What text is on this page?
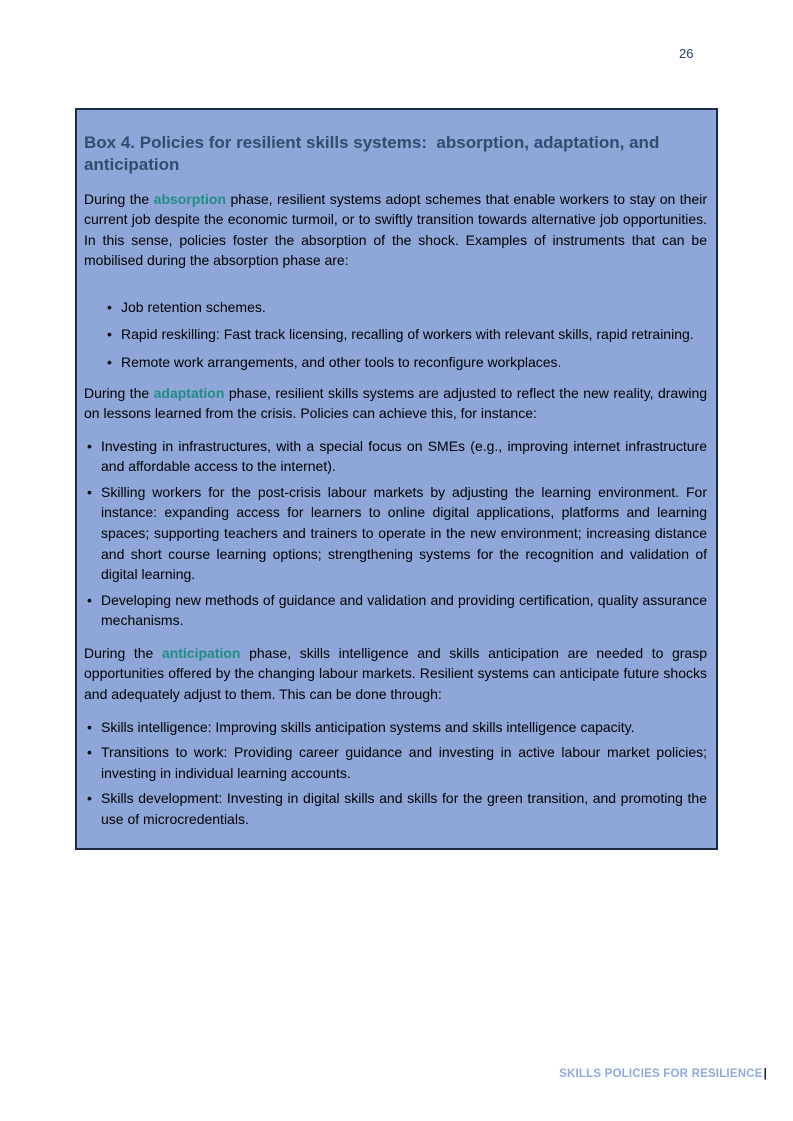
26
Box 4. Policies for resilient skills systems:  absorption, adaptation, and anticipation

During the absorption phase, resilient systems adopt schemes that enable workers to stay on their current job despite the economic turmoil, or to swiftly transition towards alternative job opportunities. In this sense, policies foster the absorption of the shock. Examples of instruments that can be mobilised during the absorption phase are:

• Job retention schemes.
• Rapid reskilling: Fast track licensing, recalling of workers with relevant skills, rapid retraining.
• Remote work arrangements, and other tools to reconfigure workplaces.

During the adaptation phase, resilient skills systems are adjusted to reflect the new reality, drawing on lessons learned from the crisis. Policies can achieve this, for instance:

• Investing in infrastructures, with a special focus on SMEs (e.g., improving internet infrastructure and affordable access to the internet).
• Skilling workers for the post-crisis labour markets by adjusting the learning environment. For instance: expanding access for learners to online digital applications, platforms and learning spaces; supporting teachers and trainers to operate in the new environment; increasing distance and short course learning options; strengthening systems for the recognition and validation of digital learning.
• Developing new methods of guidance and validation and providing certification, quality assurance mechanisms.

During the anticipation phase, skills intelligence and skills anticipation are needed to grasp opportunities offered by the changing labour markets. Resilient systems can anticipate future shocks and adequately adjust to them. This can be done through:

• Skills intelligence: Improving skills anticipation systems and skills intelligence capacity.
• Transitions to work: Providing career guidance and investing in active labour market policies; investing in individual learning accounts.
• Skills development: Investing in digital skills and skills for the green transition, and promoting the use of microcredentials.
SKILLS POLICIES FOR RESILIENCE|
